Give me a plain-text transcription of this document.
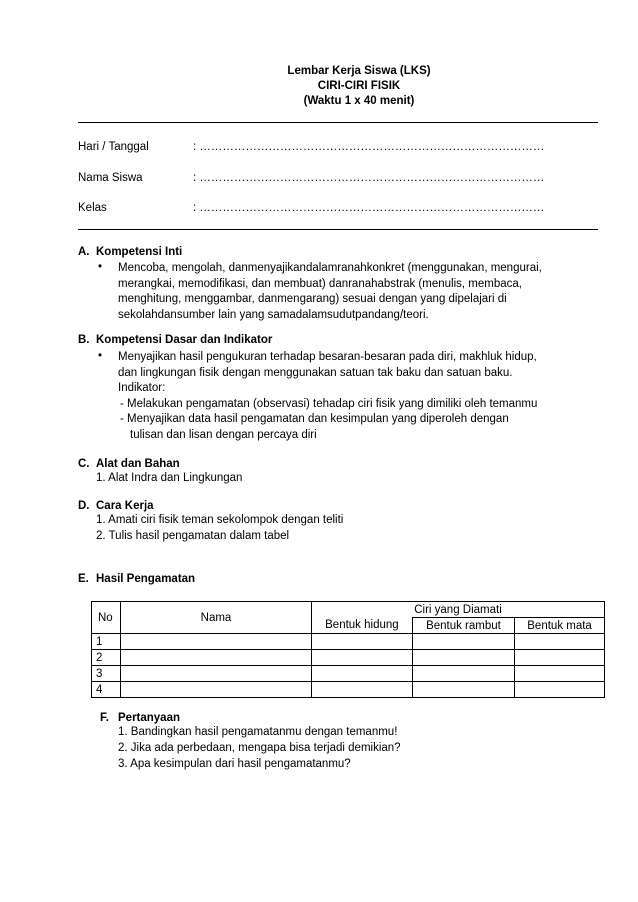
Lembar Kerja Siswa (LKS)
CIRI-CIRI FISIK
(Waktu 1 x 40 menit)
Hari / Tanggal	: ………………………………………………………………………………
Nama Siswa	: ………………………………………………………………………………
Kelas	: ………………………………………………………………………………
A. Kompetensi Inti
•	Mencoba, mengolah, danmenyajikandalamranahkonkret (menggunakan, mengurai,
merangkai, memodifikasi, dan membuat) danranahabstrak (menulis, membaca,
menghitung, menggambar, danmengarang) sesuai dengan yang dipelajari di
sekolahdansumber lain yang samadalamsudutpandang/teori.
B. Kompetensi Dasar dan Indikator
•	Menyajikan hasil pengukuran terhadap besaran-besaran pada diri, makhluk hidup,
dan lingkungan fisik dengan menggunakan satuan tak baku dan satuan baku.
Indikator:
- Melakukan pengamatan (observasi) tehadap ciri fisik yang dimiliki oleh temanmu
- Menyajikan data hasil pengamatan dan kesimpulan yang diperoleh dengan
tulisan dan lisan dengan percaya diri
C. Alat dan Bahan
1. Alat Indra dan Lingkungan
D. Cara Kerja
1. Amati ciri fisik teman sekolompok dengan teliti
2. Tulis hasil pengamatan dalam tabel
E. Hasil Pengamatan
No	Nama	Ciri yang Diamati		
		Bentuk hidung	Bentuk rambut	Bentuk mata
1				
2				
3				
4				
F. Pertanyaan
1. Bandingkan hasil pengamatanmu dengan temanmu!
2. Jika ada perbedaan, mengapa bisa terjadi demikian?
3. Apa kesimpulan dari hasil pengamatanmu?
